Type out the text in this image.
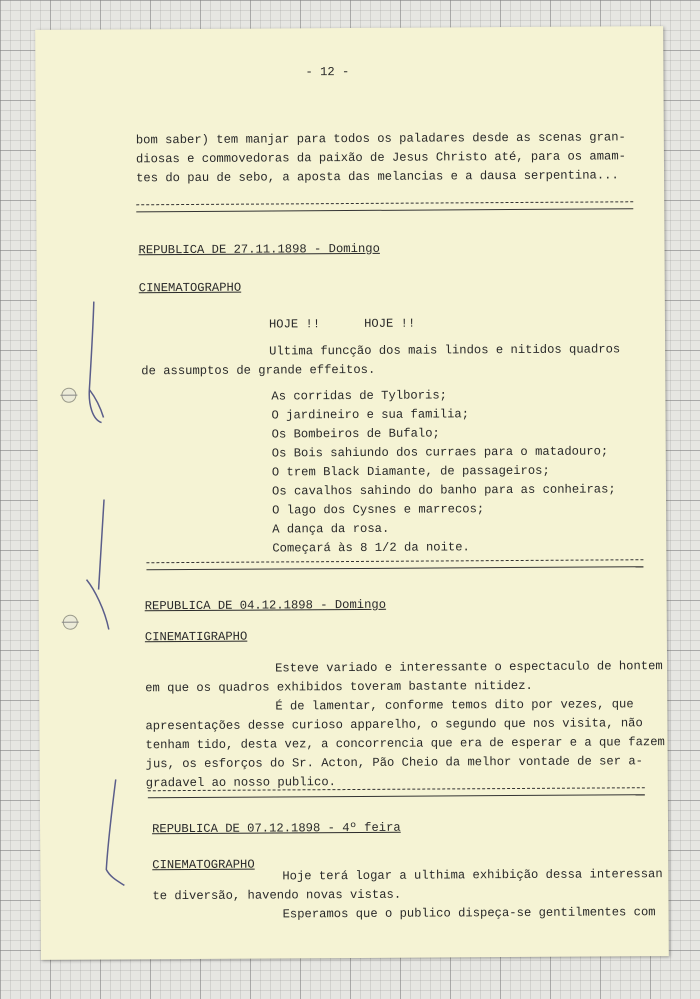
- 12 -
bom saber) tem manjar para todos os paladares desde as scenas gran-
diosas e commovedoras da paixão de Jesus Christo até, para os amam-
tes do pau de sebo, a aposta das melancias e a dausa serpentina...
REPUBLICA DE 27.11.1898 - Domingo
CINEMATOGRAPHO
HOJE !!      HOJE !!
Ultima funcção dos mais lindos e nitidos quadros
de assumptos de grande effeitos.
As corridas de Tylboris;
O jardineiro e sua familia;
Os Bombeiros de Bufalo;
Os Bois sahiundo dos curraes para o matadouro;
O trem Black Diamante, de passageiros;
Os cavalhos sahindo do banho para as conheiras;
O lago dos Cysnes e marrecos;
A dança da rosa.
Começará às 8 1/2 da noite.
REPUBLICA DE 04.12.1898 - Domingo
CINEMATIGRAPHO
Esteve variado e interessante o espectaculo de hontem
em que os quadros exhibidos toveram bastante nitidez.
É de lamentar, conforme temos dito por vezes, que
apresentações desse curioso apparelho, o segundo que nos visita, não
tenham tido, desta vez, a concorrencia que era de esperar e a que fazem
jus, os esforços do Sr. Acton, Pão Cheio da melhor vontade de ser a-
gradavel ao nosso publico.
REPUBLICA DE 07.12.1898 - 4º feira
CINEMATOGRAPHO
Hoje terá logar a ulthima exhibição dessa interessan
te diversão, havendo novas vistas.
Esperamos que o publico dispeça-se gentilmentes com
